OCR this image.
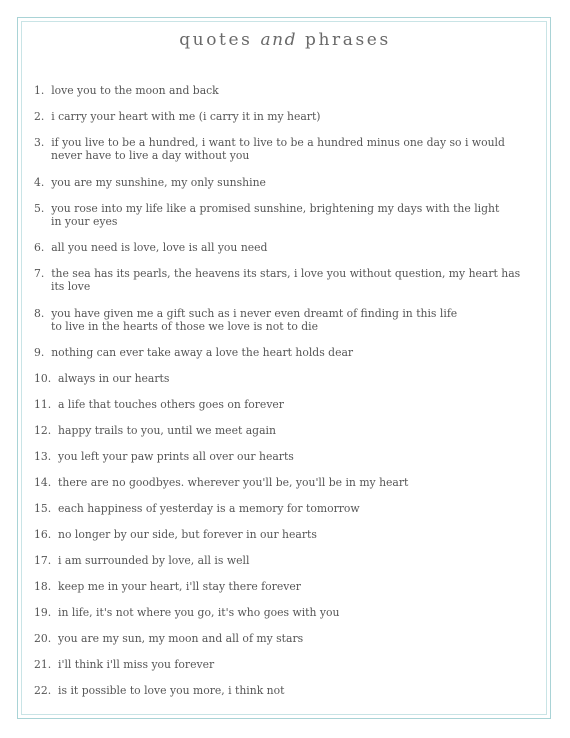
quotes and phrases
1. love you to the moon and back
2. i carry your heart with me (i carry it in my heart)
3. if you live to be a hundred, i want to live to be a hundred minus one day so i would
never have to live a day without you
4. you are my sunshine, my only sunshine
5. you rose into my life like a promised sunshine, brightening my days with the light
in your eyes
6. all you need is love, love is all you need
7. the sea has its pearls, the heavens its stars, i love you without question, my heart has
its love
8. you have given me a gift such as i never even dreamt of finding in this life
to live in the hearts of those we love is not to die
9. nothing can ever take away a love the heart holds dear
10. always in our hearts
11. a life that touches others goes on forever
12. happy trails to you, until we meet again
13. you left your paw prints all over our hearts
14. there are no goodbyes. wherever you'll be, you'll be in my heart
15. each happiness of yesterday is a memory for tomorrow
16. no longer by our side, but forever in our hearts
17. i am surrounded by love, all is well
18. keep me in your heart, i'll stay there forever
19. in life, it's not where you go, it's who goes with you
20. you are my sun, my moon and all of my stars
21. i'll think i'll miss you forever
22. is it possible to love you more, i think not
